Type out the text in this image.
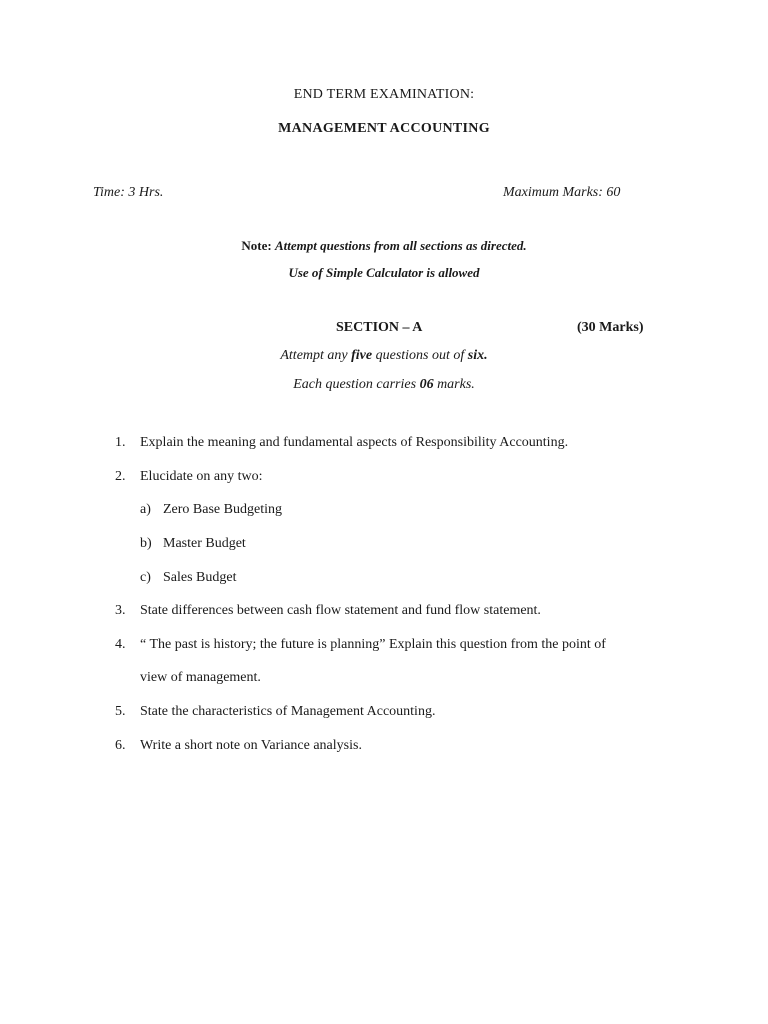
END TERM EXAMINATION:
MANAGEMENT ACCOUNTING
Time: 3 Hrs.	Maximum Marks: 60
Note: Attempt questions from all sections as directed.
Use of Simple Calculator is allowed
SECTION – A	(30 Marks)
Attempt any five questions out of six.
Each question carries 06 marks.
1. Explain the meaning and fundamental aspects of Responsibility Accounting.
2. Elucidate on any two:
a) Zero Base Budgeting
b) Master Budget
c) Sales Budget
3. State differences between cash flow statement and fund flow statement.
4. “ The past is history; the future is planning” Explain this question from the point of
view of management.
5. State the characteristics of Management Accounting.
6. Write a short note on Variance analysis.
